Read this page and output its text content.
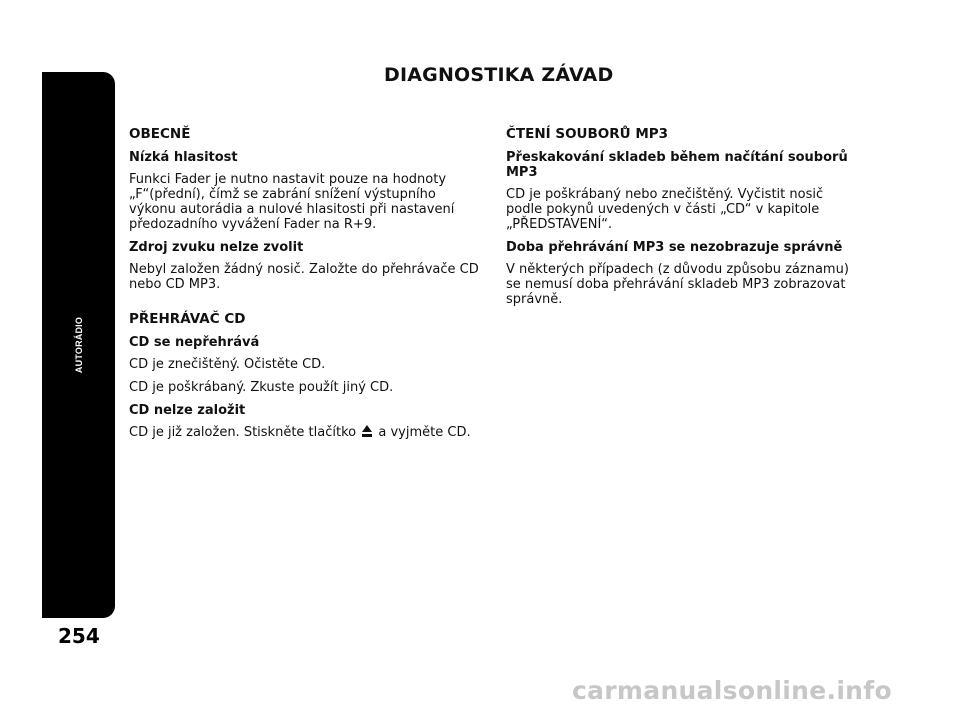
AUTORÁDIO
254
DIAGNOSTIKA ZÁVAD
OBECNĚ
Nízká hlasitost
Funkci Fader je nutno nastavit pouze na hodnoty „F“(přední), čímž se zabrání snížení výstupního výkonu autorádia a nulové hlasitosti při nastavení předozadního vyvážení Fader na R+9.
Zdroj zvuku nelze zvolit
Nebyl založen žádný nosič. Založte do přehrávače CD nebo CD MP3.
PŘEHRÁVAČ CD
CD se nepřehrává
CD je znečištěný. Očistěte CD.
CD je poškrábaný. Zkuste použít jiný CD.
CD nelze založit
CD je již založen. Stiskněte tlačítko a vyjměte CD.
ČTENÍ SOUBORŮ MP3
Přeskakování skladeb během načítání souborů MP3
CD je poškrábaný nebo znečištěný. Vyčistit nosič podle pokynů uvedených v části „CD“ v kapitole „PŘEDSTAVENÍ“.
Doba přehrávání MP3 se nezobrazuje správně
V některých případech (z důvodu způsobu záznamu) se nemusí doba přehrávání skladeb MP3 zobrazovat správně.
carmanualsonline.info
